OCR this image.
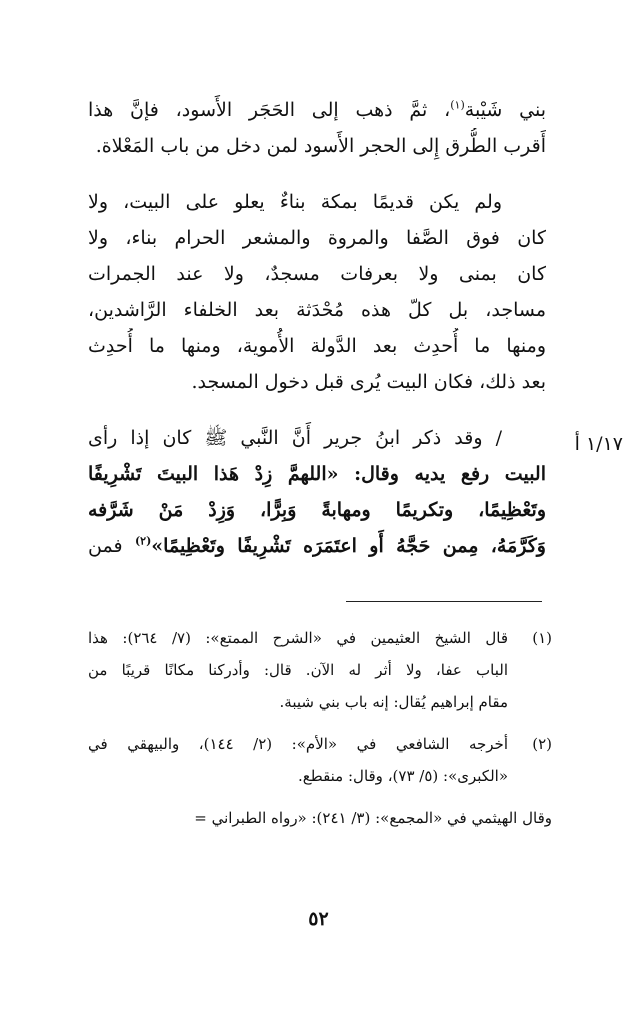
بني شَيْبة$^{(١)}$، ثمَّ ذهب إلى الحَجَر الأَسود، فإنَّ هذا
أَقرب الطُّرق إِلى الحجر الأَسود لمن دخل من باب المَعْلاة.
ولم يكن قديمًا بمكة بناءٌ يعلو على البيت، ولا
كان فوق الصَّفا والمروة والمشعر الحرام بناء، ولا
كان بمنى ولا بعرفات مسجدٌ، ولا عند الجمرات
مساجد، بل كلّ هذه مُحْدَثة بعد الخلفاء الرَّاشدين،
ومنها ما أُحدِث بعد الدَّولة الأُموية، ومنها ما أُحدِث
بعد ذلك، فكان البيت يُرى قبل دخول المسجد.
/ وقد ذكر ابنُ جرير أَنَّ النَّبي ﷺ كان إذا رأى
البيت رفع يديه وقال: «اللهمَّ زِدْ هَذا البيتَ تَشْرِيفًا
وتَعْظِيمًا، وتكريمًا ومهابةً وَبِرًّا، وَزِدْ مَنْ شَرَّفه
وَكَرَّمَهُ، مِمن حَجَّهُ أَو اعتَمَرَه تَشْرِيفًا وتَعْظِيمًا»$^{(٢)}$ فمن
١/١٧ أ
(١)
قال الشيخ العثيمين في «الشرح الممتع»: (٧/ ٢٦٤): هذا
الباب عفا، ولا أثر له الآن. قال: وأدركنا مكانًا قريبًا من
مقام إبراهيم يُقال: إنه باب بني شيبة.
(٢)
أخرجه الشافعي في «الأم»: (٢/ ١٤٤)، والبيهقي في
«الكبرى»: (٥/ ٧٣)، وقال: منقطع.
وقال الهيثمي في «المجمع»: (٣/ ٢٤١): «رواه الطبراني =
٥٢
